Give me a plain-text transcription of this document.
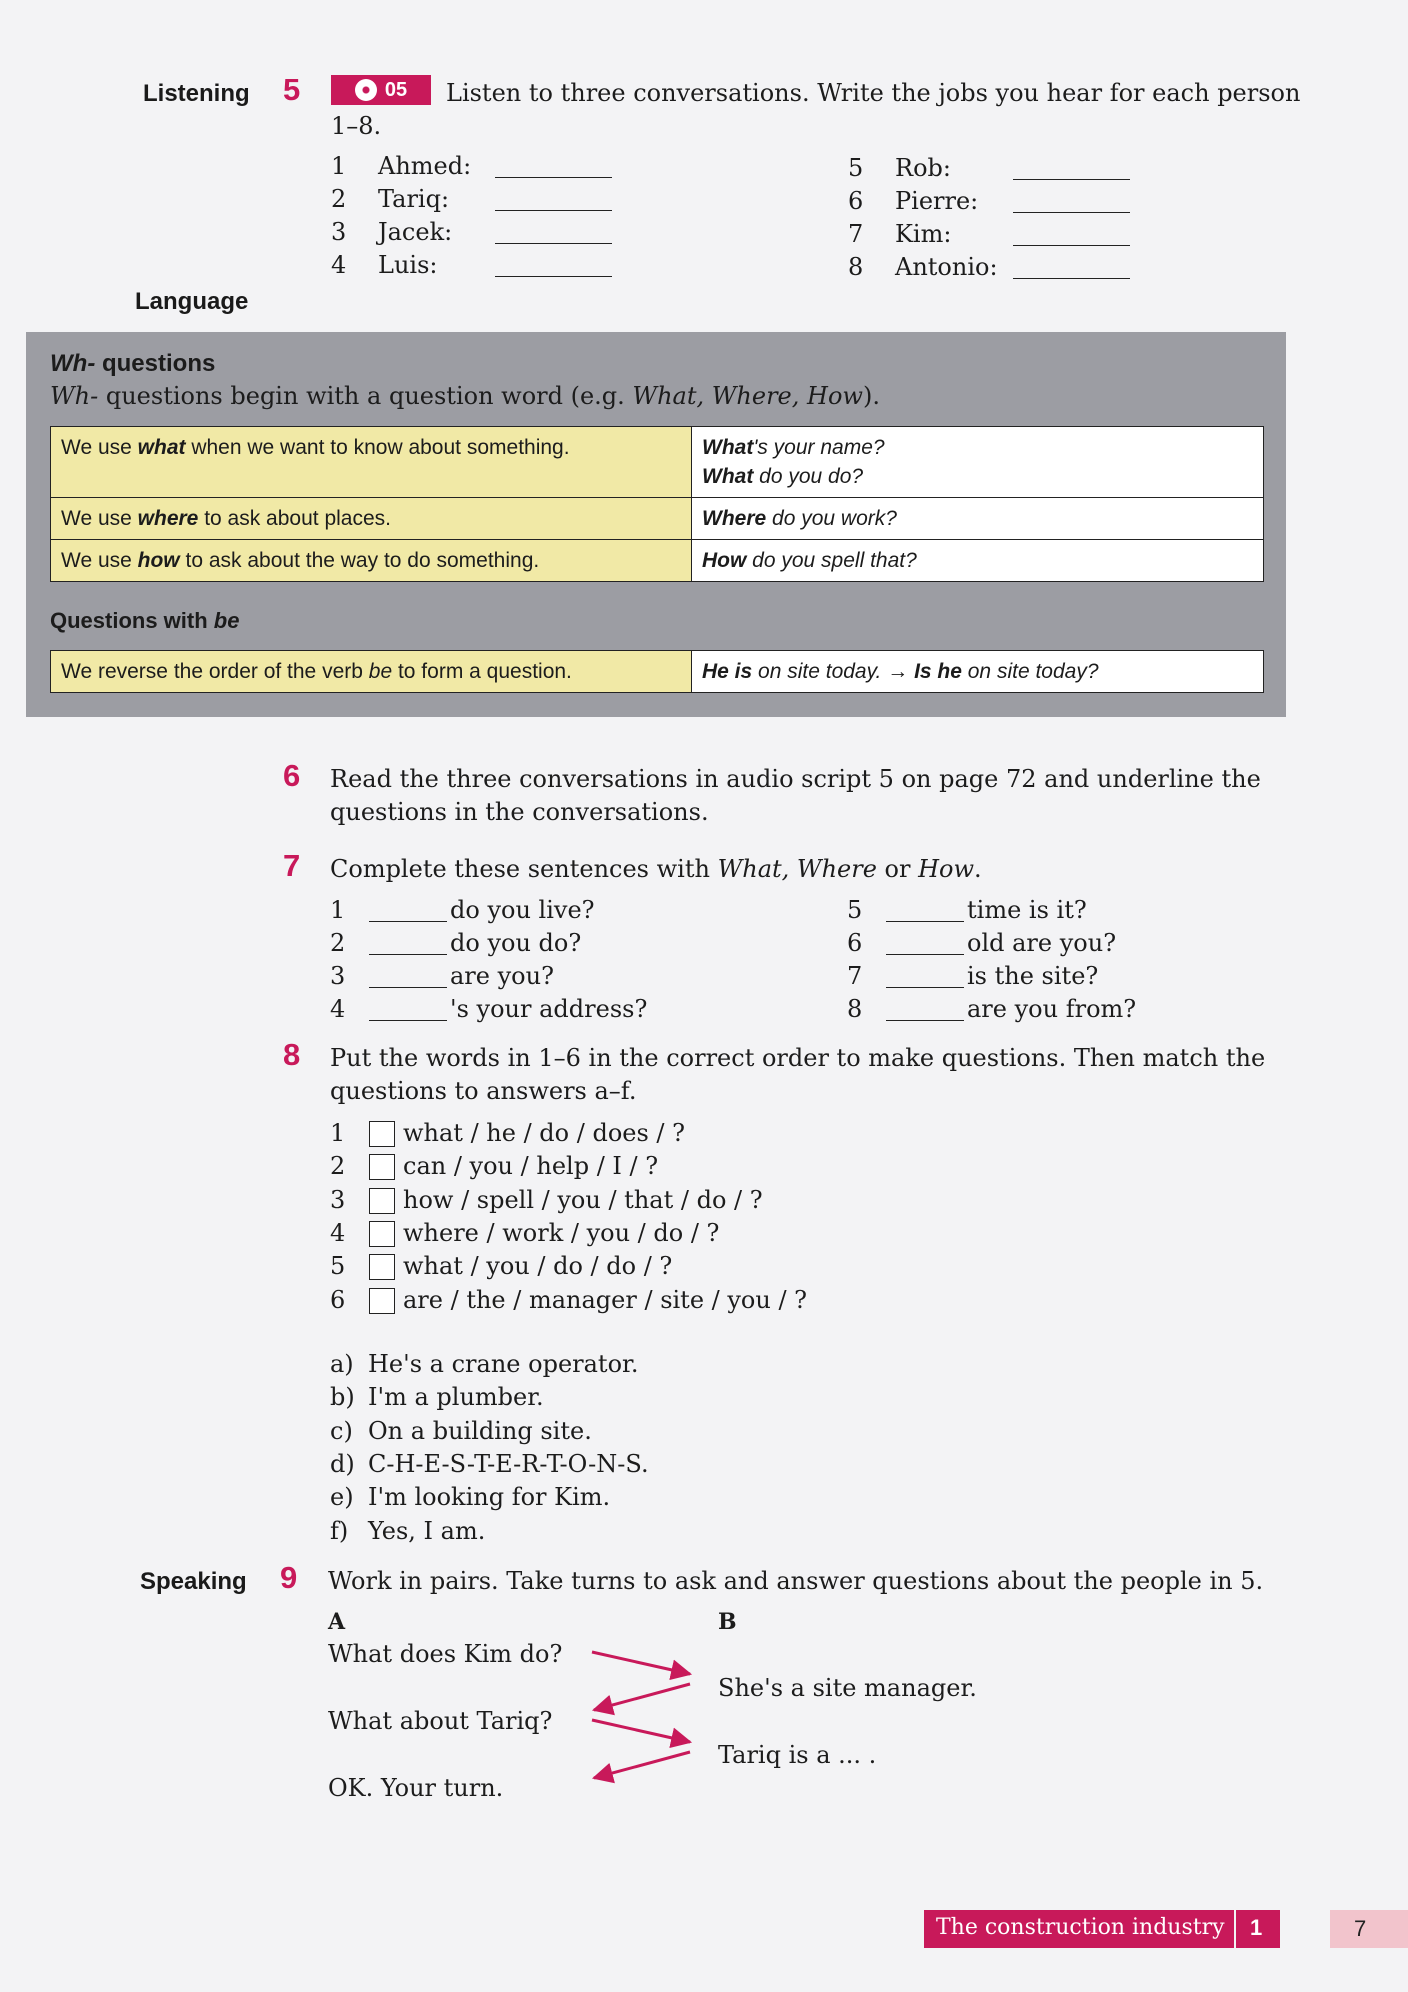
Listening 5	05 Listen to three conversations. Write the jobs you hear for each person
1–8.
1 Ahmed:
2 Tariq:
3 Jacek:
4 Luis:
5 Rob:
6 Pierre:
7 Kim:
8 Antonio:
Language
Wh- questions
Wh- questions begin with a question word (e.g. What, Where, How).
We use what when we want to know about something.	What's your name?
What do you do?

We use where to ask about places.	Where do you work?

We use how to ask about the way to do something.	How do you spell that?
Questions with be
We reverse the order of the verb be to form a question.	He is on site today. → Is he on site today?
6 Read the three conversations in audio script 5 on page 72 and underline the
questions in the conversations.
7 Complete these sentences with What, Where or How.
1	do you live?
2	do you do?
3	are you?
4	's your address?
5	time is it?
6	old are you?
7	is the site?
8	are you from?
8 Put the words in 1–6 in the correct order to make questions. Then match the
questions to answers a–f.
1 what / he / do / does / ?
2 can / you / help / I / ?
3 how / spell / you / that / do / ?
4 where / work / you / do / ?
5 what / you / do / do / ?
6 are / the / manager / site / you / ?
a) He's a crane operator.
b) I'm a plumber.
c) On a building site.
d) C-H-E-S-T-E-R-T-O-N-S.
e) I'm looking for Kim.
f) Yes, I am.
Speaking 9 Work in pairs. Take turns to ask and answer questions about the people in 5.
A	B
What does Kim do?
What about Tariq?
OK. Your turn.
She's a site manager.
Tariq is a ... .
The construction industry 1	7
